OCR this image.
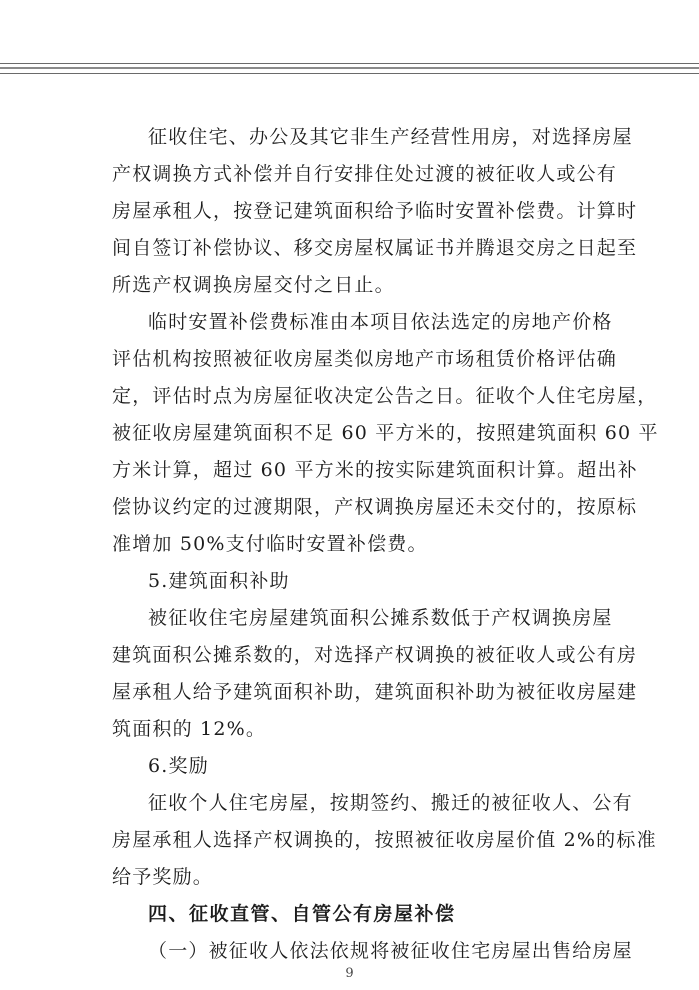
征收住宅、办公及其它非生产经营性用房，对选择房屋
产权调换方式补偿并自行安排住处过渡的被征收人或公有
房屋承租人，按登记建筑面积给予临时安置补偿费。计算时
间自签订补偿协议、移交房屋权属证书并腾退交房之日起至
所选产权调换房屋交付之日止。
临时安置补偿费标准由本项目依法选定的房地产价格
评估机构按照被征收房屋类似房地产市场租赁价格评估确
定，评估时点为房屋征收决定公告之日。征收个人住宅房屋，
被征收房屋建筑面积不足 60 平方米的，按照建筑面积 60 平
方米计算，超过 60 平方米的按实际建筑面积计算。超出补
偿协议约定的过渡期限，产权调换房屋还未交付的，按原标
准增加 50%支付临时安置补偿费。
5.建筑面积补助
被征收住宅房屋建筑面积公摊系数低于产权调换房屋
建筑面积公摊系数的，对选择产权调换的被征收人或公有房
屋承租人给予建筑面积补助，建筑面积补助为被征收房屋建
筑面积的 12%。
6.奖励
征收个人住宅房屋，按期签约、搬迁的被征收人、公有
房屋承租人选择产权调换的，按照被征收房屋价值 2%的标准
给予奖励。
四、征收直管、自管公有房屋补偿
（一）被征收人依法依规将被征收住宅房屋出售给房屋
9
